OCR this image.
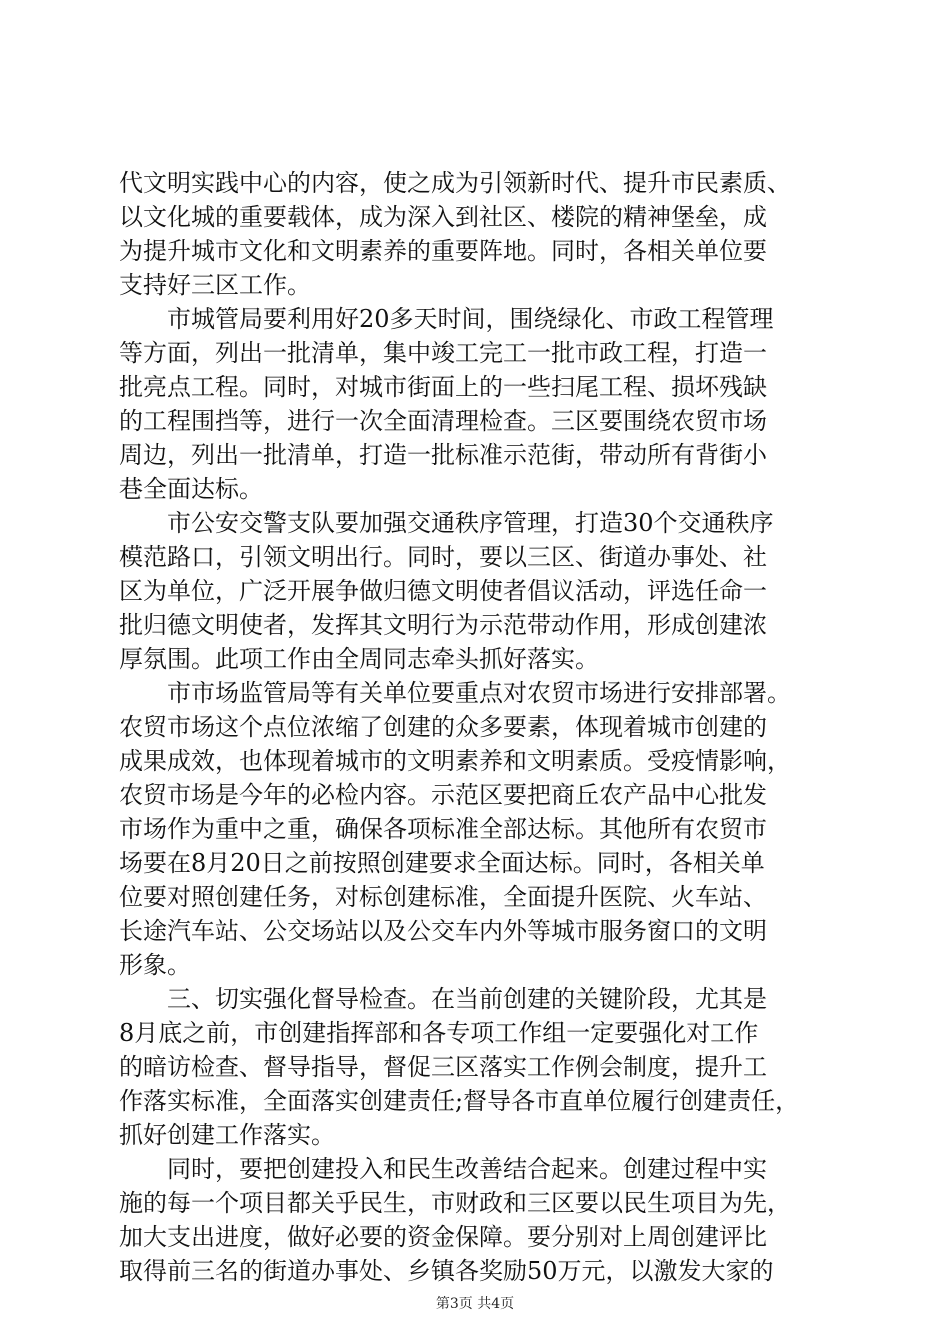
代文明实践中心的内容，使之成为引领新时代、提升市民素质、
以文化城的重要载体，成为深入到社区、楼院的精神堡垒，成
为提升城市文化和文明素养的重要阵地。同时，各相关单位要
支持好三区工作。
　　市城管局要利用好20多天时间，围绕绿化、市政工程管理
等方面，列出一批清单，集中竣工完工一批市政工程，打造一
批亮点工程。同时，对城市街面上的一些扫尾工程、损坏残缺
的工程围挡等，进行一次全面清理检查。三区要围绕农贸市场
周边，列出一批清单，打造一批标准示范街，带动所有背街小
巷全面达标。
　　市公安交警支队要加强交通秩序管理，打造30个交通秩序
模范路口，引领文明出行。同时，要以三区、街道办事处、社
区为单位，广泛开展争做归德文明使者倡议活动，评选任命一
批归德文明使者，发挥其文明行为示范带动作用，形成创建浓
厚氛围。此项工作由全周同志牵头抓好落实。
　　市市场监管局等有关单位要重点对农贸市场进行安排部署。
农贸市场这个点位浓缩了创建的众多要素，体现着城市创建的
成果成效，也体现着城市的文明素养和文明素质。受疫情影响，
农贸市场是今年的必检内容。示范区要把商丘农产品中心批发
市场作为重中之重，确保各项标准全部达标。其他所有农贸市
场要在8月20日之前按照创建要求全面达标。同时，各相关单
位要对照创建任务，对标创建标准，全面提升医院、火车站、
长途汽车站、公交场站以及公交车内外等城市服务窗口的文明
形象。
　　三、切实强化督导检查。在当前创建的关键阶段，尤其是
8月底之前，市创建指挥部和各专项工作组一定要强化对工作
的暗访检查、督导指导，督促三区落实工作例会制度，提升工
作落实标准，全面落实创建责任;督导各市直单位履行创建责任，
抓好创建工作落实。
　　同时，要把创建投入和民生改善结合起来。创建过程中实
施的每一个项目都关乎民生，市财政和三区要以民生项目为先，
加大支出进度，做好必要的资金保障。要分别对上周创建评比
取得前三名的街道办事处、乡镇各奖励50万元，以激发大家的
第3页 共4页
